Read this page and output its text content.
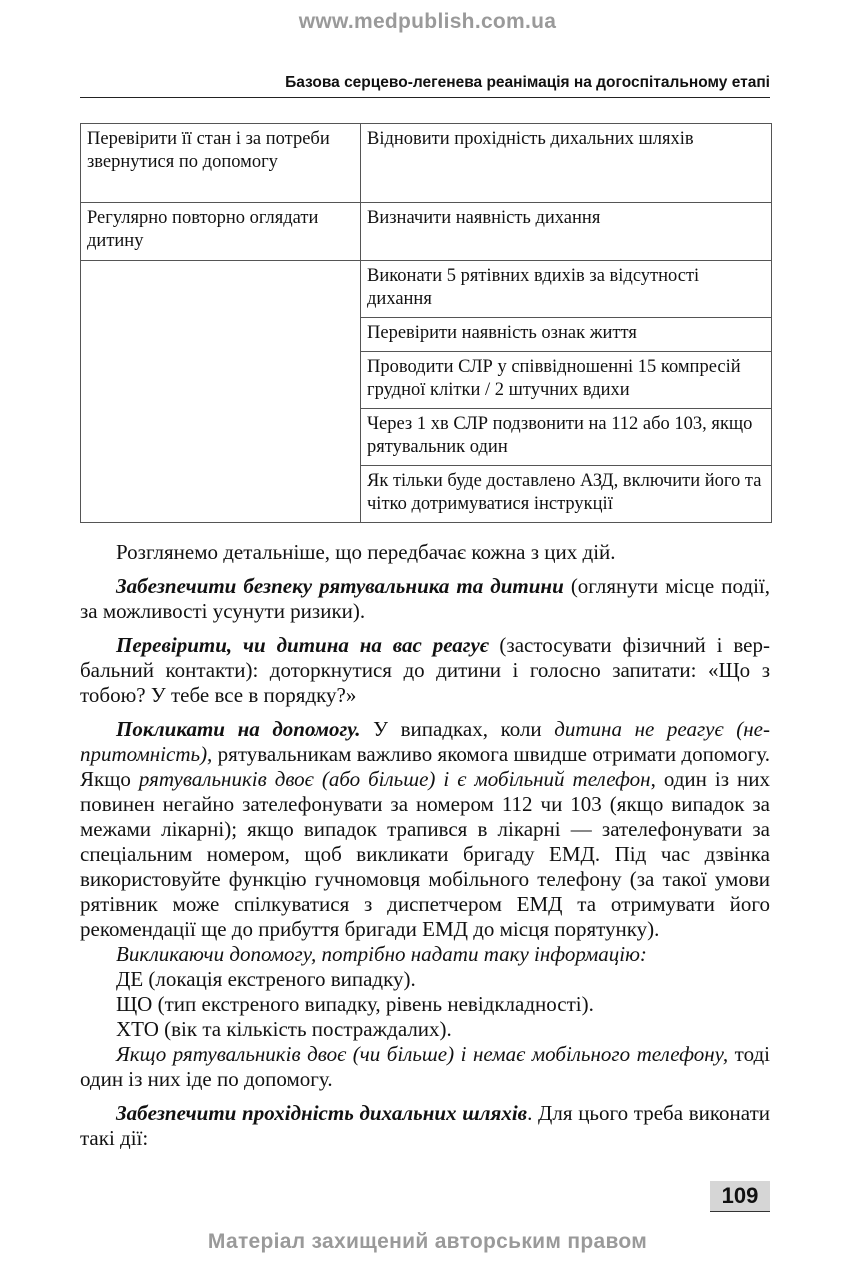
www.medpublish.com.ua
Базова серцево-легенева реанімація на догоспітальному етапі
Перевірити її стан і за потреби звернутися по допомогу	Відновити прохідність дихальних шляхів
Регулярно повторно оглядати дитину	Визначити наявність дихання
	Виконати 5 рятівних вдихів за відсутності дихання
	Перевірити наявність ознак життя
	Проводити СЛР у співвідношенні 15 компресій грудної клітки / 2 штучних вдихи
	Через 1 хв СЛР подзвонити на 112 або 103, якщо рятувальник один
	Як тільки буде доставлено АЗД, включити його та чітко дотримуватися інструкції

Розглянемо детальніше, що передбачає кожна з цих дій.

Забезпечити безпеку рятувальника та дитини (оглянути місце події, за можливості усунути ризики).

Перевірити, чи дитина на вас реагує (застосувати фізичний і вербальний контакти): доторкнутися до дитини і голосно запитати: «Що з тобою? У тебе все в порядку?»

Покликати на допомогу. У випадках, коли дитина не реагує (непритомність), рятувальникам важливо якомога швидше отримати допомогу. Якщо рятувальників двоє (або більше) і є мобільний телефон, один із них повинен негайно зателефонувати за номером 112 чи 103 (якщо випадок за межами лікарні); якщо випадок трапився в лікарні — зателефонувати за спеціальним номером, щоб викликати бригаду ЕМД. Під час дзвінка використовуйте функцію гучномовця мобільного телефону (за такої умови рятівник може спілкуватися з диспетчером ЕМД та отримувати його рекомендації ще до прибуття бригади ЕМД до місця порятунку).

Викликаючи допомогу, потрібно надати таку інформацію:

ДЕ (локація екстреного випадку).

ЩО (тип екстреного випадку, рівень невідкладності).

ХТО (вік та кількість постраждалих).

Якщо рятувальників двоє (чи більше) і немає мобільного телефону, тоді один із них іде по допомогу.

Забезпечити прохідність дихальних шляхів. Для цього треба виконати такі дії:

109
Матеріал захищений авторським правом
